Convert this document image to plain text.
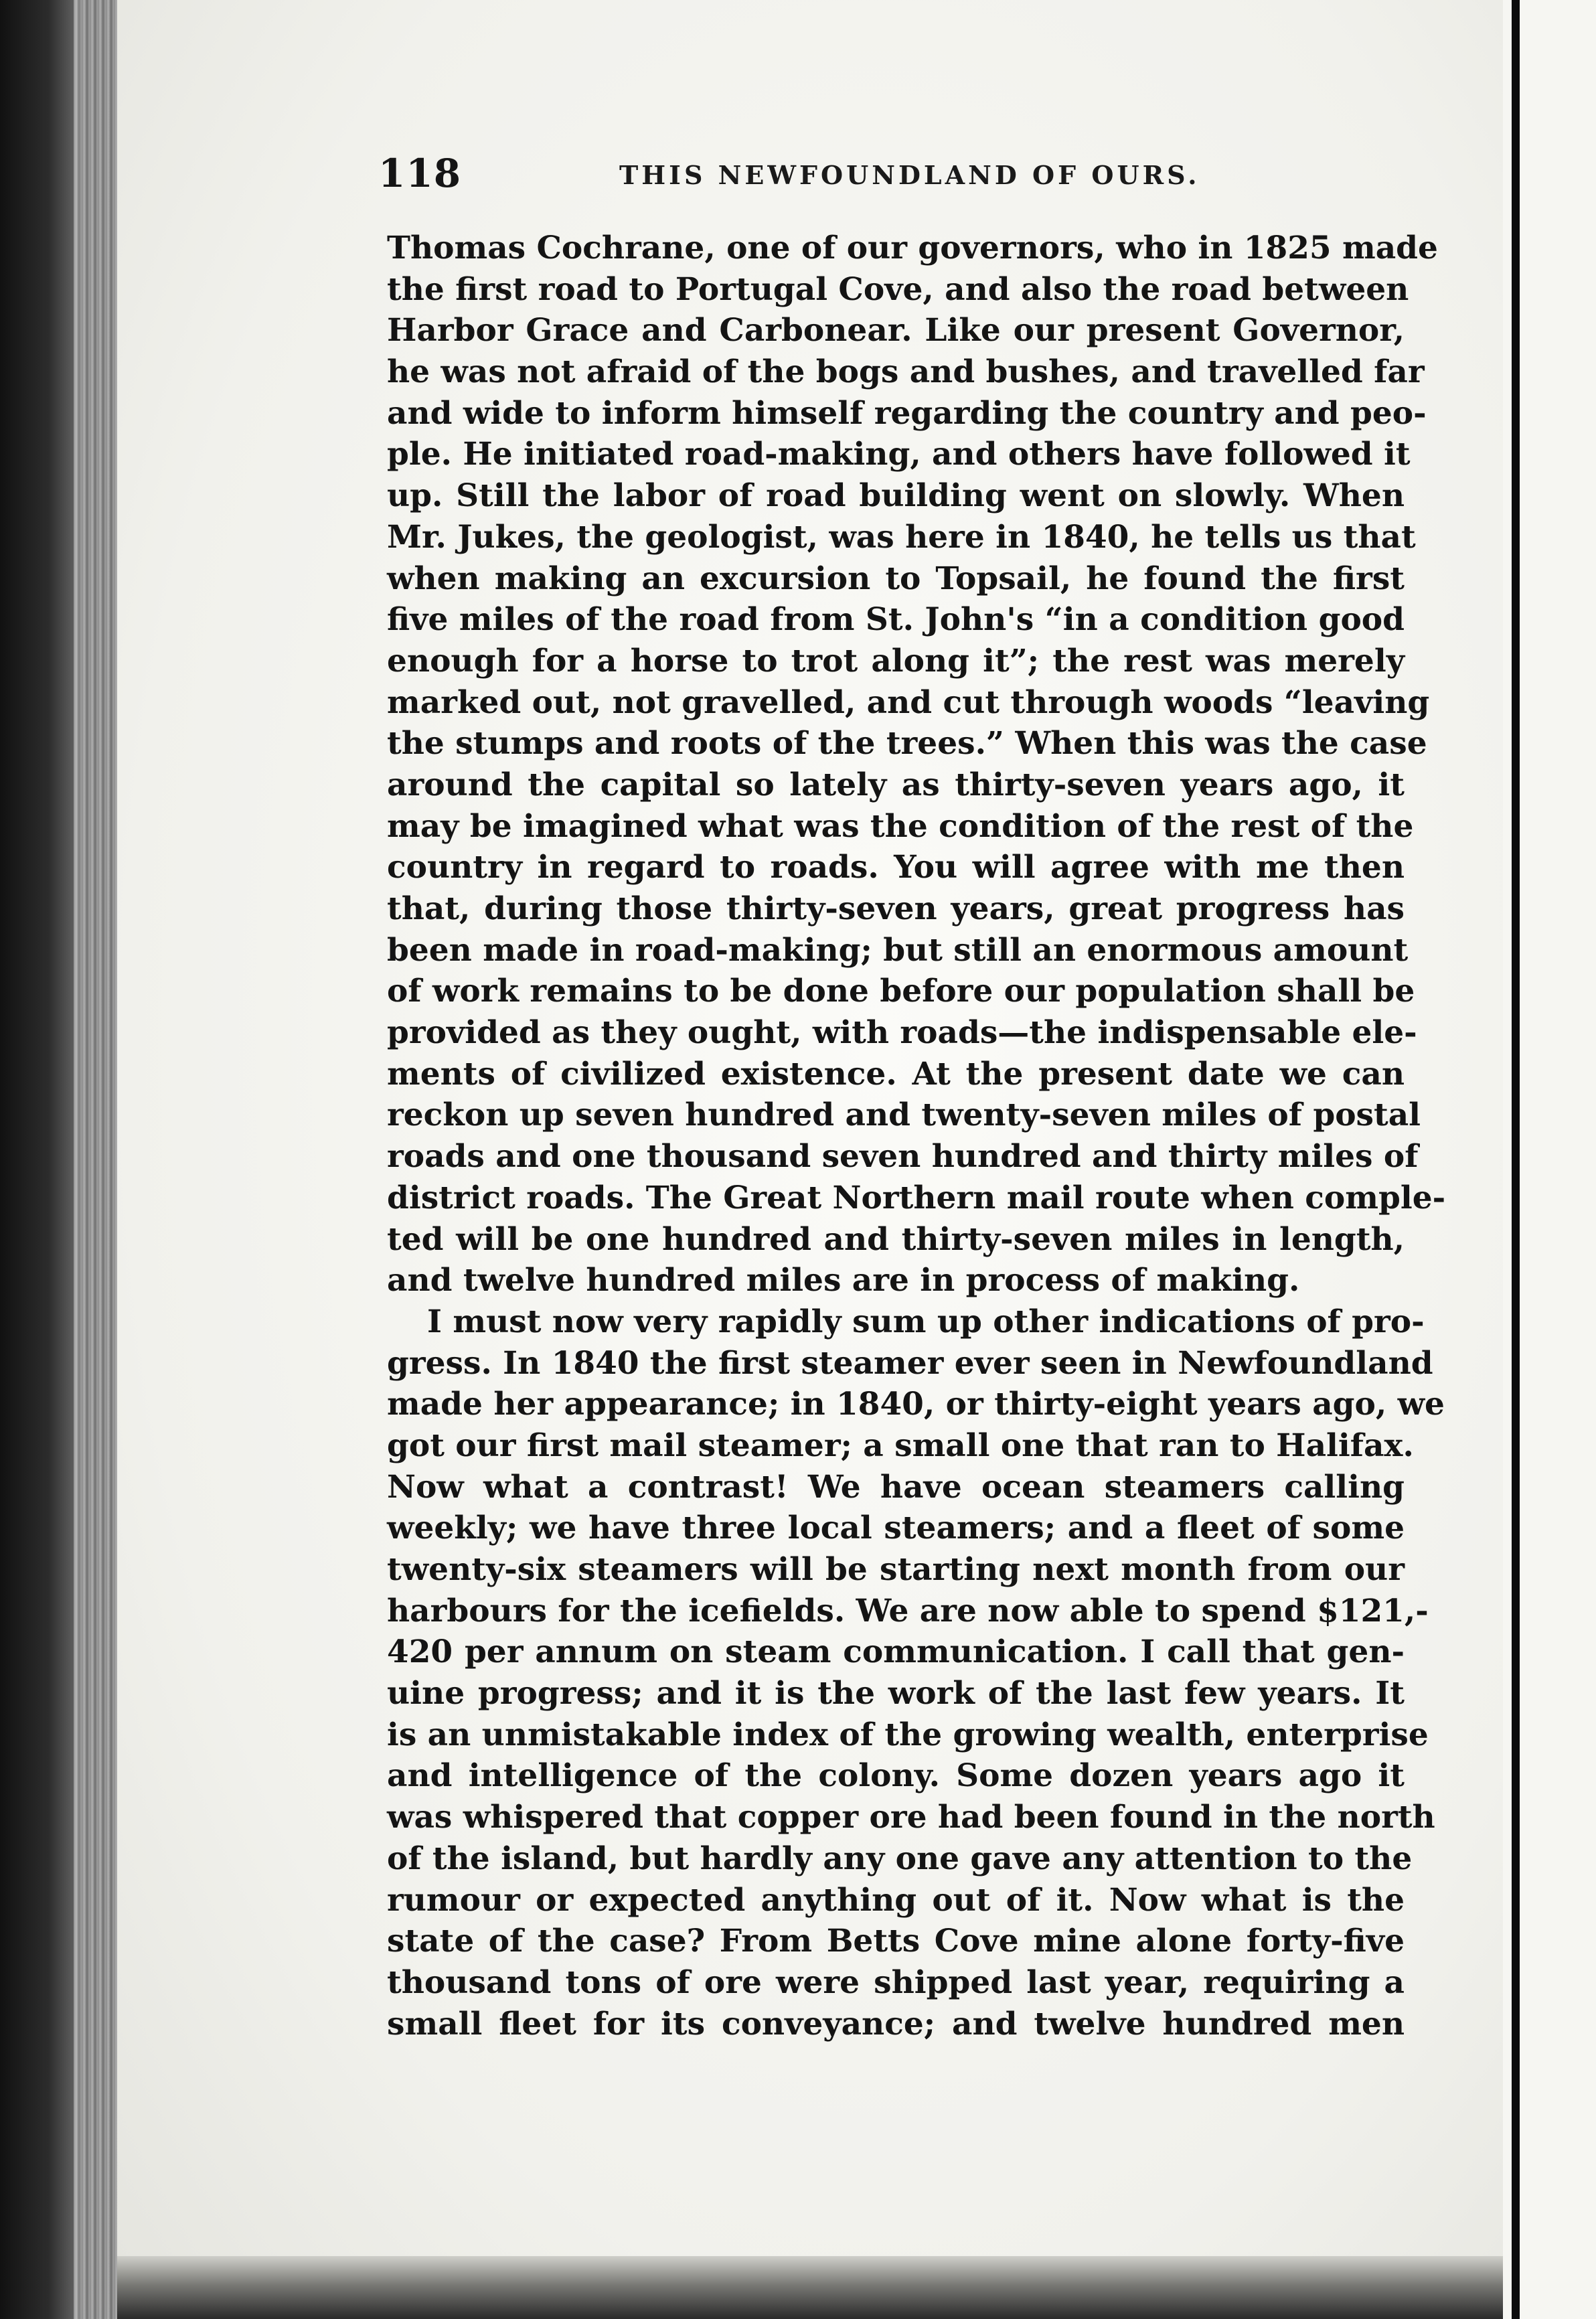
118	THIS NEWFOUNDLAND OF OURS.
Thomas Cochrane, one of our governors, who in 1825 made
the first road to Portugal Cove, and also the road between
Harbor Grace and Carbonear. Like our present Governor,
he was not afraid of the bogs and bushes, and travelled far
and wide to inform himself regarding the country and peo-
ple. He initiated road-making, and others have followed it
up. Still the labor of road building went on slowly. When
Mr. Jukes, the geologist, was here in 1840, he tells us that
when making an excursion to Topsail, he found the first
five miles of the road from St. John's “in a condition good
enough for a horse to trot along it”; the rest was merely
marked out, not gravelled, and cut through woods “leaving
the stumps and roots of the trees.” When this was the case
around the capital so lately as thirty-seven years ago, it
may be imagined what was the condition of the rest of the
country in regard to roads. You will agree with me then
that, during those thirty-seven years, great progress has
been made in road-making; but still an enormous amount
of work remains to be done before our population shall be
provided as they ought, with roads—the indispensable ele-
ments of civilized existence. At the present date we can
reckon up seven hundred and twenty-seven miles of postal
roads and one thousand seven hundred and thirty miles of
district roads. The Great Northern mail route when comple-
ted will be one hundred and thirty-seven miles in length,
and twelve hundred miles are in process of making.
I must now very rapidly sum up other indications of pro-
gress. In 1840 the first steamer ever seen in Newfoundland
made her appearance; in 1840, or thirty-eight years ago, we
got our first mail steamer; a small one that ran to Halifax.
Now what a contrast! We have ocean steamers calling
weekly; we have three local steamers; and a fleet of some
twenty-six steamers will be starting next month from our
harbours for the icefields. We are now able to spend $121,-
420 per annum on steam communication. I call that gen-
uine progress; and it is the work of the last few years. It
is an unmistakable index of the growing wealth, enterprise
and intelligence of the colony. Some dozen years ago it
was whispered that copper ore had been found in the north
of the island, but hardly any one gave any attention to the
rumour or expected anything out of it. Now what is the
state of the case? From Betts Cove mine alone forty-five
thousand tons of ore were shipped last year, requiring a
small fleet for its conveyance; and twelve hundred men
